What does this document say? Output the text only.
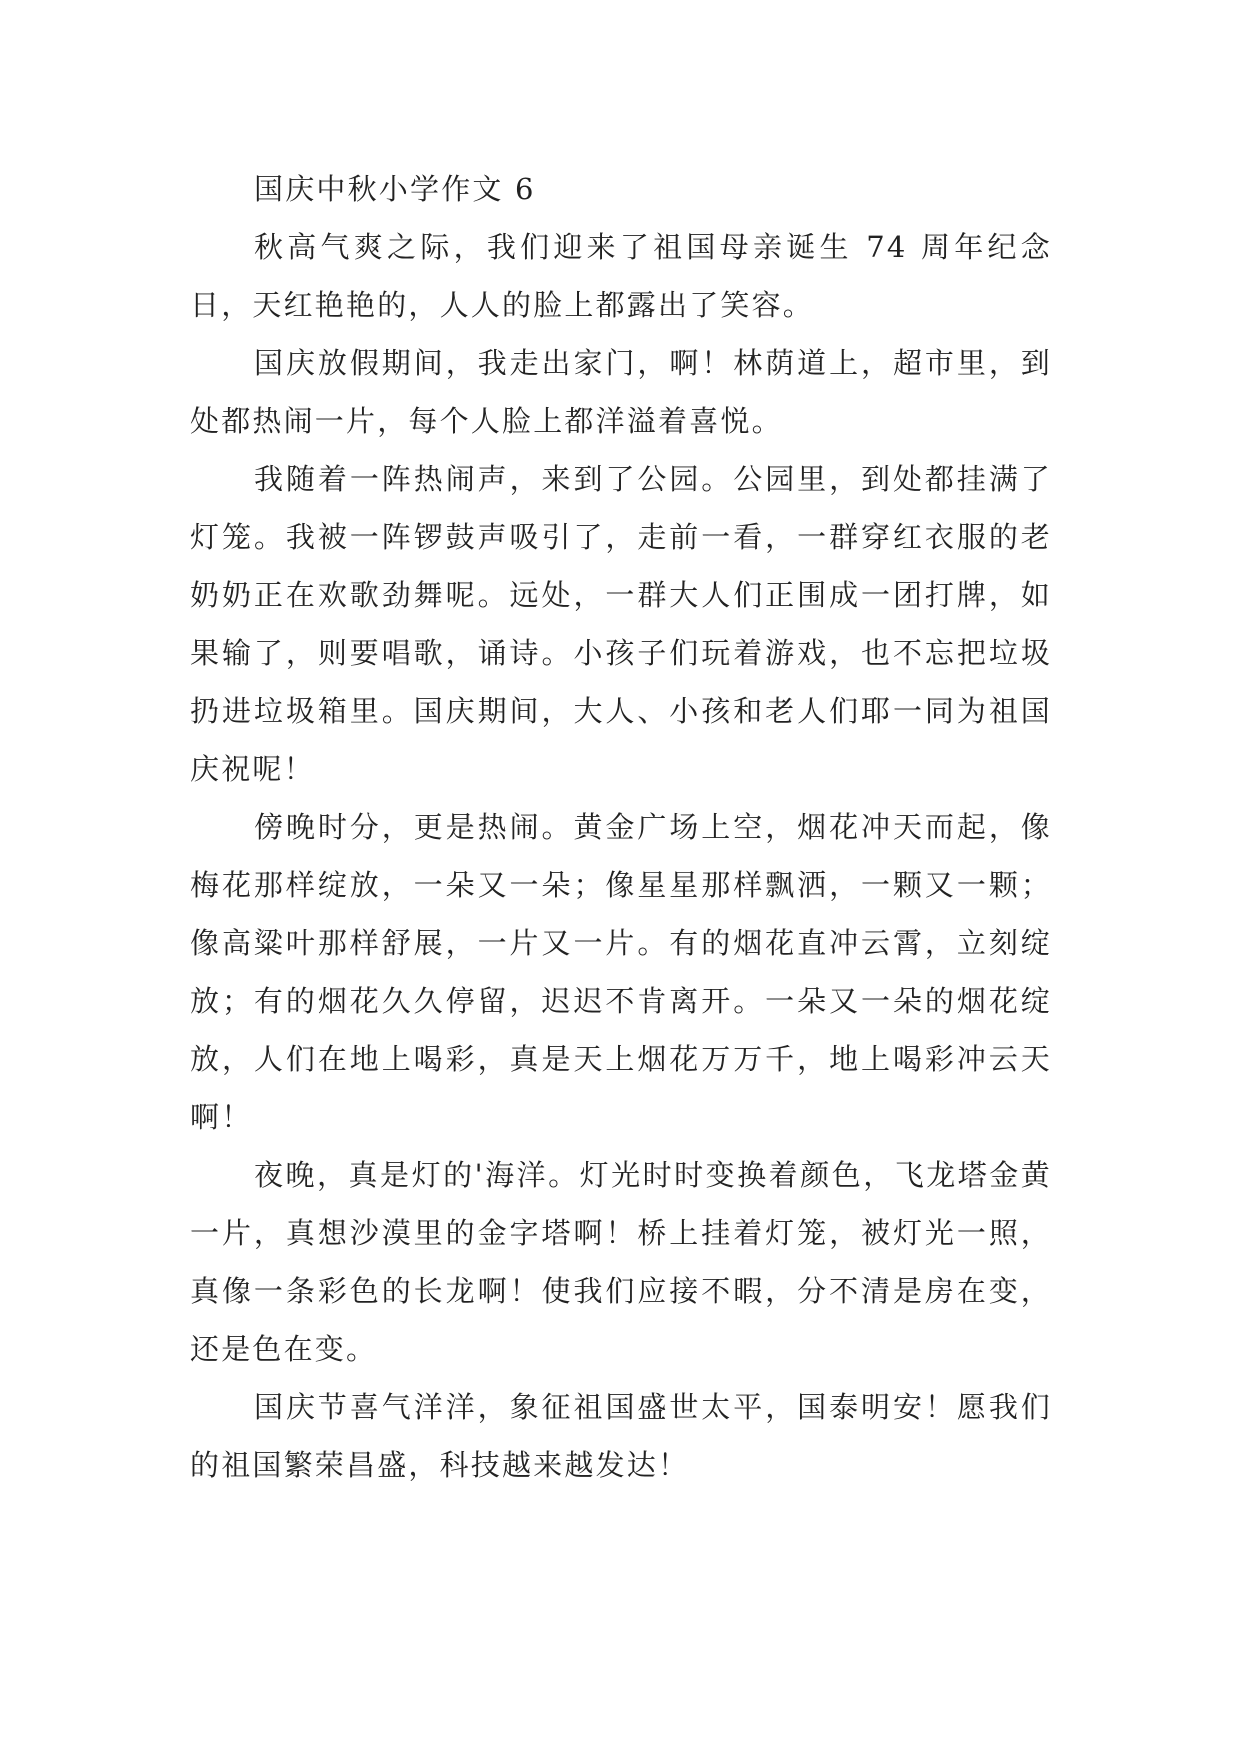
国庆中秋小学作文 6

秋高气爽之际，我们迎来了祖国母亲诞生 74 周年纪念日，天红艳艳的，人人的脸上都露出了笑容。

国庆放假期间，我走出家门，啊！林荫道上，超市里，到处都热闹一片，每个人脸上都洋溢着喜悦。

我随着一阵热闹声，来到了公园。公园里，到处都挂满了灯笼。我被一阵锣鼓声吸引了，走前一看，一群穿红衣服的老奶奶正在欢歌劲舞呢。远处，一群大人们正围成一团打牌，如果输了，则要唱歌，诵诗。小孩子们玩着游戏，也不忘把垃圾扔进垃圾箱里。国庆期间，大人、小孩和老人们耶一同为祖国庆祝呢！

傍晚时分，更是热闹。黄金广场上空，烟花冲天而起，像梅花那样绽放，一朵又一朵；像星星那样飘洒，一颗又一颗；像高粱叶那样舒展，一片又一片。有的烟花直冲云霄，立刻绽放；有的烟花久久停留，迟迟不肯离开。一朵又一朵的烟花绽放，人们在地上喝彩，真是天上烟花万万千，地上喝彩冲云天啊！

夜晚，真是灯的'海洋。灯光时时变换着颜色，飞龙塔金黄一片，真想沙漠里的金字塔啊！桥上挂着灯笼，被灯光一照，真像一条彩色的长龙啊！使我们应接不暇，分不清是房在变，还是色在变。

国庆节喜气洋洋，象征祖国盛世太平，国泰明安！愿我们的祖国繁荣昌盛，科技越来越发达！
